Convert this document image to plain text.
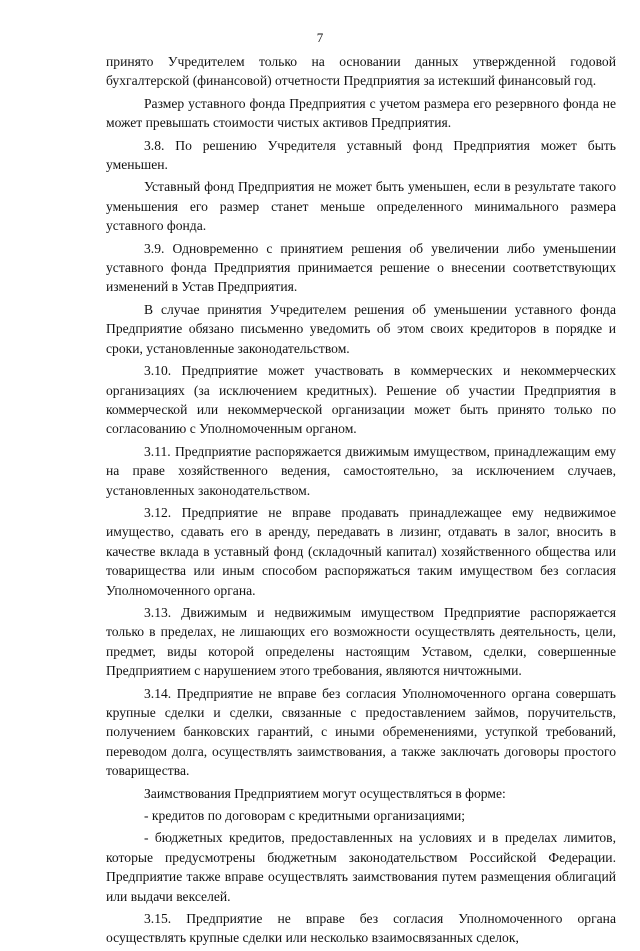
7

принято Учредителем только на основании данных утвержденной годовой бухгалтерской (финансовой) отчетности Предприятия за истекший финансовый год.

Размер уставного фонда Предприятия с учетом размера его резервного фонда не может превышать стоимости чистых активов Предприятия.

3.8. По решению Учредителя уставный фонд Предприятия может быть уменьшен.

Уставный фонд Предприятия не может быть уменьшен, если в результате такого уменьшения его размер станет меньше определенного минимального размера уставного фонда.

3.9. Одновременно с принятием решения об увеличении либо уменьшении уставного фонда Предприятия принимается решение о внесении соответствующих изменений в Устав Предприятия.

В случае принятия Учредителем решения об уменьшении уставного фонда Предприятие обязано письменно уведомить об этом своих кредиторов в порядке и сроки, установленные законодательством.

3.10. Предприятие может участвовать в коммерческих и некоммерческих организациях (за исключением кредитных). Решение об участии Предприятия в коммерческой или некоммерческой организации может быть принято только по согласованию с Уполномоченным органом.

3.11. Предприятие распоряжается движимым имуществом, принадлежащим ему на праве хозяйственного ведения, самостоятельно, за исключением случаев, установленных законодательством.

3.12. Предприятие не вправе продавать принадлежащее ему недвижимое имущество, сдавать его в аренду, передавать в лизинг, отдавать в залог, вносить в качестве вклада в уставный фонд (складочный капитал) хозяйственного общества или товарищества или иным способом распоряжаться таким имуществом без согласия Уполномоченного органа.

3.13. Движимым и недвижимым имуществом Предприятие распоряжается только в пределах, не лишающих его возможности осуществлять деятельность, цели, предмет, виды которой определены настоящим Уставом, сделки, совершенные Предприятием с нарушением этого требования, являются ничтожными.

3.14. Предприятие не вправе без согласия Уполномоченного органа совершать крупные сделки и сделки, связанные с предоставлением займов, поручительств, получением банковских гарантий, с иными обременениями, уступкой требований, переводом долга, осуществлять заимствования, а также заключать договоры простого товарищества.

Заимствования Предприятием могут осуществляться в форме:

- кредитов по договорам с кредитными организациями;

- бюджетных кредитов, предоставленных на условиях и в пределах лимитов, которые предусмотрены бюджетным законодательством Российской Федерации. Предприятие также вправе осуществлять заимствования путем размещения облигаций или выдачи векселей.

3.15. Предприятие не вправе без согласия Уполномоченного органа осуществлять крупные сделки или несколько взаимосвязанных сделок,
